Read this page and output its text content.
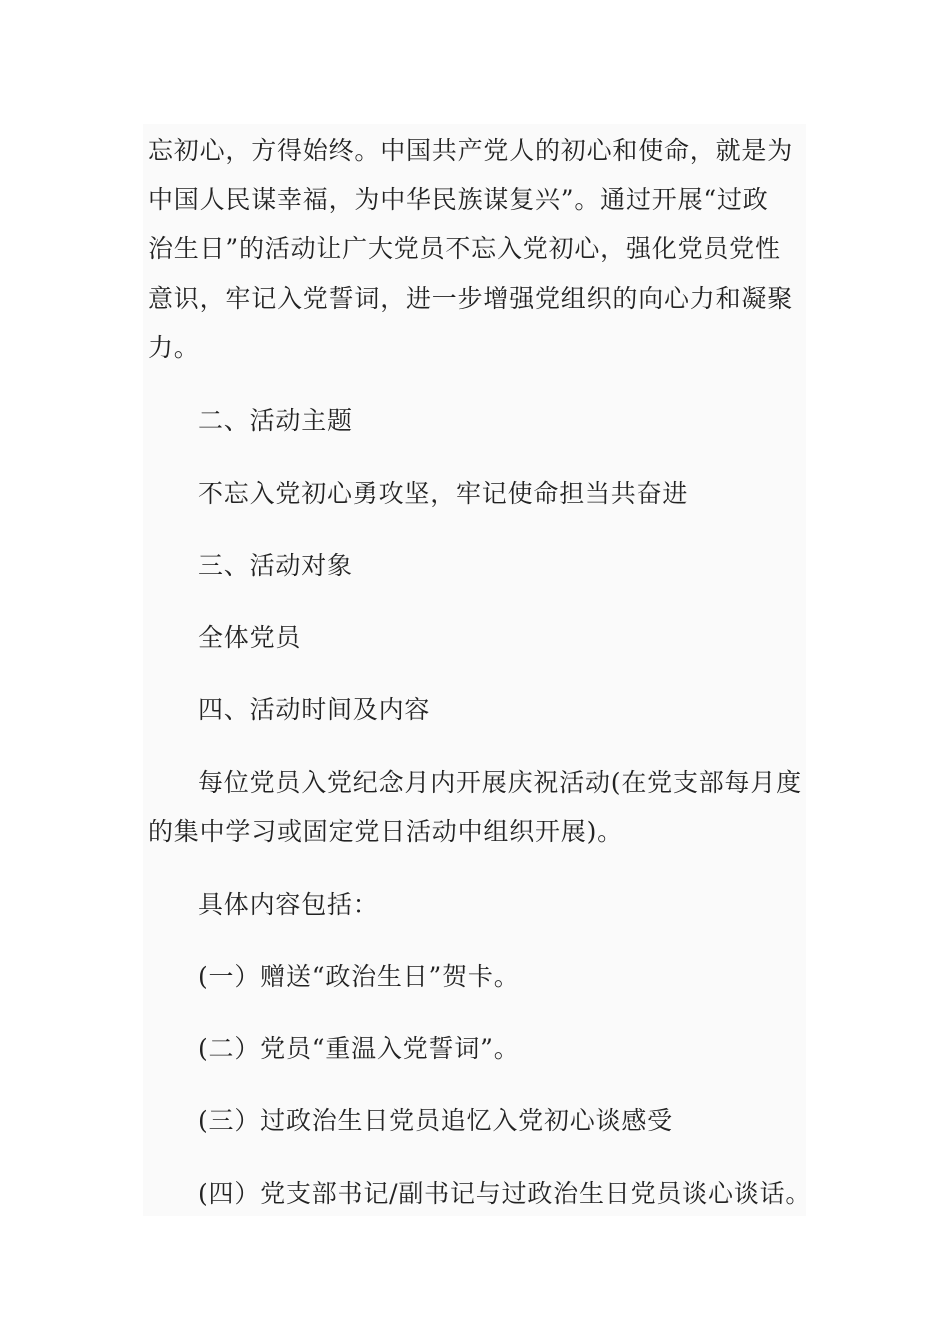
忘初心，方得始终。中国共产党人的初心和使命，就是为
中国人民谋幸福，为中华民族谋复兴”。通过开展“过政
治生日”的活动让广大党员不忘入党初心，强化党员党性
意识，牢记入党誓词，进一步增强党组织的向心力和凝聚
力。
二、活动主题
不忘入党初心勇攻坚，牢记使命担当共奋进
三、活动对象
全体党员
四、活动时间及内容
每位党员入党纪念月内开展庆祝活动(在党支部每月度
的集中学习或固定党日活动中组织开展)。
具体内容包括：
(一）赠送“政治生日”贺卡。
(二）党员“重温入党誓词”。
(三）过政治生日党员追忆入党初心谈感受
(四）党支部书记/副书记与过政治生日党员谈心谈话。
